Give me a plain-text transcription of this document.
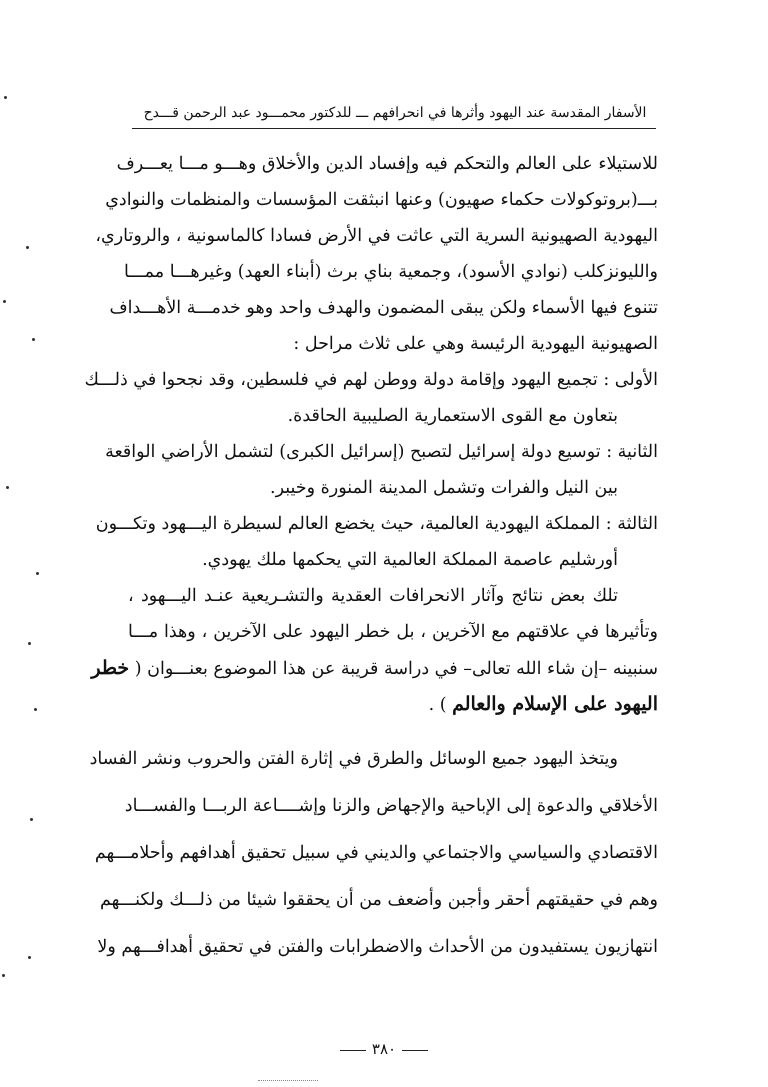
الأسفار المقدسة عند اليهود وأثرها في انحرافهم ـــ للدكتور محمـــود عبد الرحمن قـــدح
للاستيلاء على العالم والتحكم فيه وإفساد الدين والأخلاق وهـــو مـــا يعـــرف
بـــ(بروتوكولات حكماء صهيون) وعنها انبثقت المؤسسات والمنظمات والنوادي
اليهودية الصهيونية السرية التي عاثت في الأرض فسادا كالماسونية ، والروتاري،
والليونزكلب (نوادي الأسود)، وجمعية بناي برث (أبناء العهد) وغيرهـــا ممـــا
تتنوع فيها الأسماء ولكن يبقى المضمون والهدف واحد وهو خدمـــة الأهـــداف
الصهيونية اليهودية الرئيسة وهي على ثلاث مراحل :
الأولى : تجميع اليهود وإقامة دولة ووطن لهم في فلسطين، وقد نجحوا في ذلـــك
بتعاون مع القوى الاستعمارية الصليبية الحاقدة.
الثانية : توسيع دولة إسرائيل لتصبح (إسرائيل الكبرى) لتشمل الأراضي الواقعة
بين النيل والفرات وتشمل المدينة المنورة وخيبر.
الثالثة : المملكة اليهودية العالمية، حيث يخضع العالم لسيطرة اليـــهود وتكـــون
أورشليم عاصمة المملكة العالمية التي يحكمها ملك يهودي.
تلك بعض نتائج وآثار الانحرافات العقدية والتشـريعية عنـد اليـــهود ،
وتأثيرها في علاقتهم مع الآخرين ، بل خطر اليهود على الآخرين ، وهذا مـــا
سنبينه –إن شاء الله تعالى– في دراسة قريبة عن هذا الموضوع بعنـــوان ( خطر
اليهود على الإسلام والعالم ) .
ويتخذ اليهود جميع الوسائل والطرق في إثارة الفتن والحروب ونشر الفساد
الأخلاقي والدعوة إلى الإباحية والإجهاض والزنا وإشــــاعة الربـــا والفســـاد
الاقتصادي والسياسي والاجتماعي والديني في سبيل تحقيق أهدافهم وأحلامـــهم
وهم في حقيقتهم أحقر وأجبن وأضعف من أن يحققوا شيئا من ذلـــك ولكنـــهم
انتهازيون يستفيدون من الأحداث والاضطرابات والفتن في تحقيق أهدافـــهم ولا
٣٨٠
